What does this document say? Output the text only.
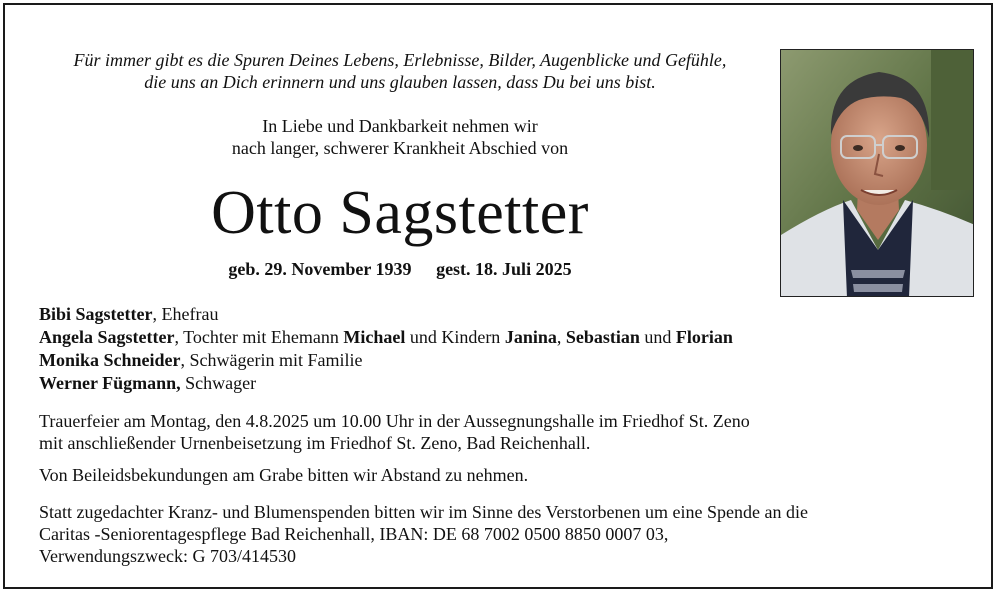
Für immer gibt es die Spuren Deines Lebens, Erlebnisse, Bilder, Augenblicke und Gefühle,
die uns an Dich erinnern und uns glauben lassen, dass Du bei uns bist.
In Liebe und Dankbarkeit nehmen wir
nach langer, schwerer Krankheit Abschied von
Otto Sagstetter
geb. 29. November 1939 gest. 18. Juli 2025
Bibi Sagstetter, Ehefrau
Angela Sagstetter, Tochter mit Ehemann Michael und Kindern Janina, Sebastian und Florian
Monika Schneider, Schwägerin mit Familie
Werner Fügmann, Schwager
Trauerfeier am Montag, den 4.8.2025 um 10.00 Uhr in der Aussegnungshalle im Friedhof St. Zeno
mit anschließender Urnenbeisetzung im Friedhof St. Zeno, Bad Reichenhall.
Von Beileidsbekundungen am Grabe bitten wir Abstand zu nehmen.
Statt zugedachter Kranz- und Blumenspenden bitten wir im Sinne des Verstorbenen um eine Spende an die
Caritas -Seniorentagespflege Bad Reichenhall, IBAN: DE 68 7002 0500 8850 0007 03,
Verwendungszweck: G 703/414530
